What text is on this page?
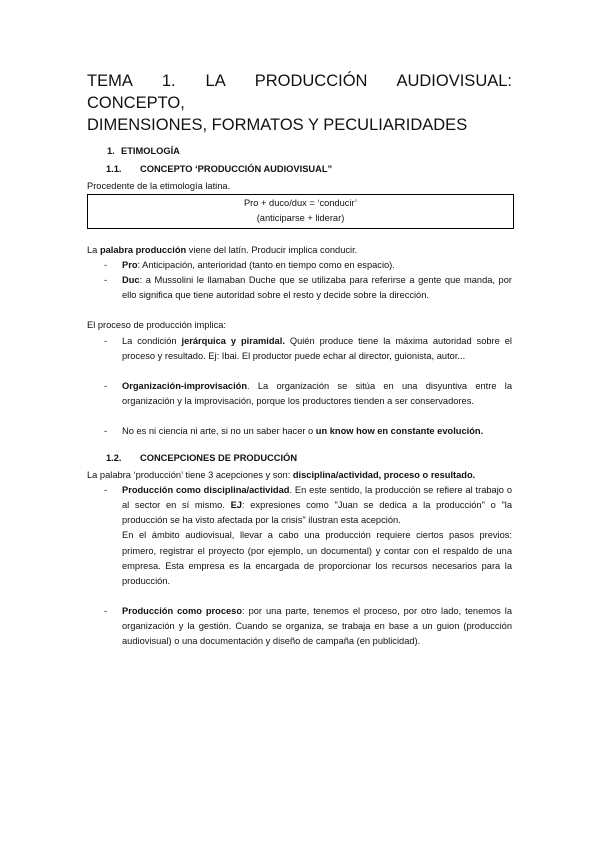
TEMA 1. LA PRODUCCIÓN AUDIOVISUAL: CONCEPTO,
DIMENSIONES, FORMATOS Y PECULIARIDADES
1. ETIMOLOGÍA
1.1.	CONCEPTO ‘PRODUCCIÓN AUDIOVISUAL”

Procedente de la etimología latina.

Pro + duco/dux = ‘conducir’
(anticiparse + liderar)

La palabra producción viene del latín. Producir implica conducir.

-	Pro: Anticipación, anterioridad (tanto en tiempo como en espacio).
-	Duc: a Mussolini le llamaban Duche que se utilizaba para referirse a gente que manda, por ello significa que tiene autoridad sobre el resto y decide sobre la dirección.

El proceso de producción implica:

-	La condición jerárquica y piramidal. Quién produce tiene la máxima autoridad sobre el proceso y resultado. Ej: Ibai. El productor puede echar al director, guionista, autor...
-	Organización-improvisación. La organización se sitúa en una disyuntiva entre la organización y la improvisación, porque los productores tienden a ser conservadores.
-	No es ni ciencia ni arte, si no un saber hacer o un know how en constante evolución.
1.2.	CONCEPCIONES DE PRODUCCIÓN

La palabra ‘producción’ tiene 3 acepciones y son: disciplina/actividad, proceso o resultado.

-	Producción como disciplina/actividad. En este sentido, la producción se refiere al trabajo o al sector en sí mismo. EJ: expresiones como "Juan se dedica a la producción" o "la producción se ha visto afectada por la crisis" ilustran esta acepción.
En el ámbito audiovisual, llevar a cabo una producción requiere ciertos pasos previos: primero, registrar el proyecto (por ejemplo, un documental) y contar con el respaldo de una empresa. Esta empresa es la encargada de proporcionar los recursos necesarios para la producción.
-	Producción como proceso: por una parte, tenemos el proceso, por otro lado, tenemos la organización y la gestión. Cuando se organiza, se trabaja en base a un guion (producción audiovisual) o una documentación y diseño de campaña (en publicidad).
